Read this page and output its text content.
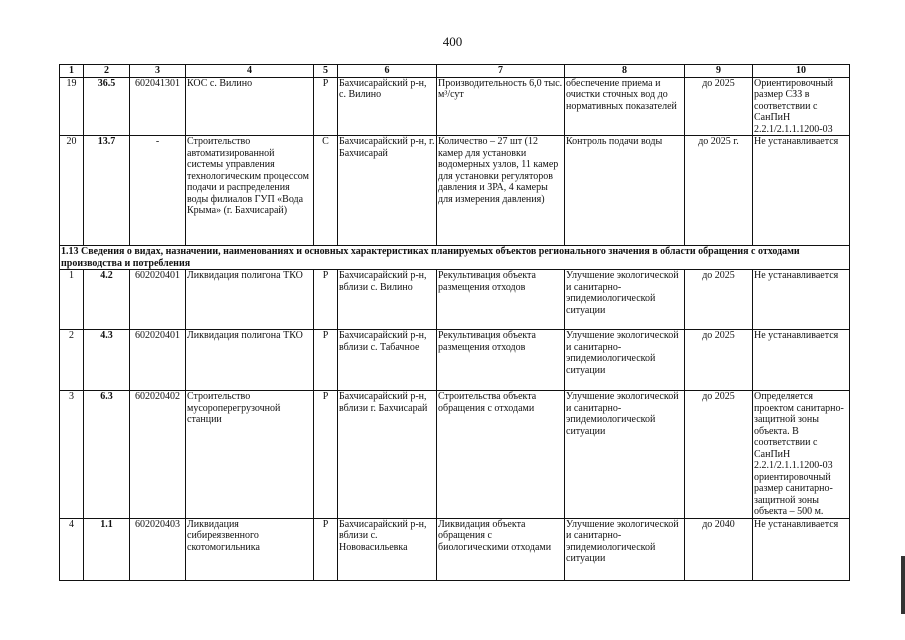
400
1	2	3	4	5	6	7	8	9	10
19	36.5	602041301	КОС с. Вилино	Р	Бахчисарайский р-н, с. Вилино	Производительность 6,0 тыс. м³/сут	обеспечение приема и очистки сточных вод до нормативных показателей	до 2025	Ориентировочный размер СЗЗ в соответствии с СанПиН 2.2.1/2.1.1.1200-03
20	13.7	-	Строительство автоматизированной системы управления технологическим процессом подачи и распределения воды филиалов ГУП «Вода Крыма» (г. Бахчисарай)	С	Бахчисарайский р-н, г. Бахчисарай	Количество – 27 шт (12 камер для установки водомерных узлов, 11 камер для установки регуляторов давления и ЗРА, 4 камеры для измерения давления)	Контроль подачи воды	до 2025 г.	Не устанавливается
1.13 Сведения о видах, назначении, наименованиях и основных характеристиках планируемых объектов регионального значения в области обращения с отходами производства и потребления									
1	4.2	602020401	Ликвидация полигона ТКО	Р	Бахчисарайский р-н, вблизи с. Вилино	Рекультивация объекта размещения отходов	Улучшение экологической и санитарно-эпидемиологической ситуации	до 2025	Не устанавливается
2	4.3	602020401	Ликвидация полигона ТКО	Р	Бахчисарайский р-н, вблизи с. Табачное	Рекультивация объекта размещения отходов	Улучшение экологической и санитарно-эпидемиологической ситуации	до 2025	Не устанавливается
3	6.3	602020402	Строительство мусороперегрузочной станции	Р	Бахчисарайский р-н, вблизи г. Бахчисарай	Строительства объекта обращения с отходами	Улучшение экологической и санитарно-эпидемиологической ситуации	до 2025	Определяется проектом санитарно-защитной зоны объекта. В соответствии с СанПиН 2.2.1/2.1.1.1200-03 ориентировочный размер санитарно-защитной зоны объекта – 500 м.
4	1.1	602020403	Ликвидация сибиреязвенного скотомогильника	Р	Бахчисарайский р-н, вблизи с. Нововасильевка	Ликвидация объекта обращения с биологическими отходами	Улучшение экологической и санитарно-эпидемиологической ситуации	до 2040	Не устанавливается
